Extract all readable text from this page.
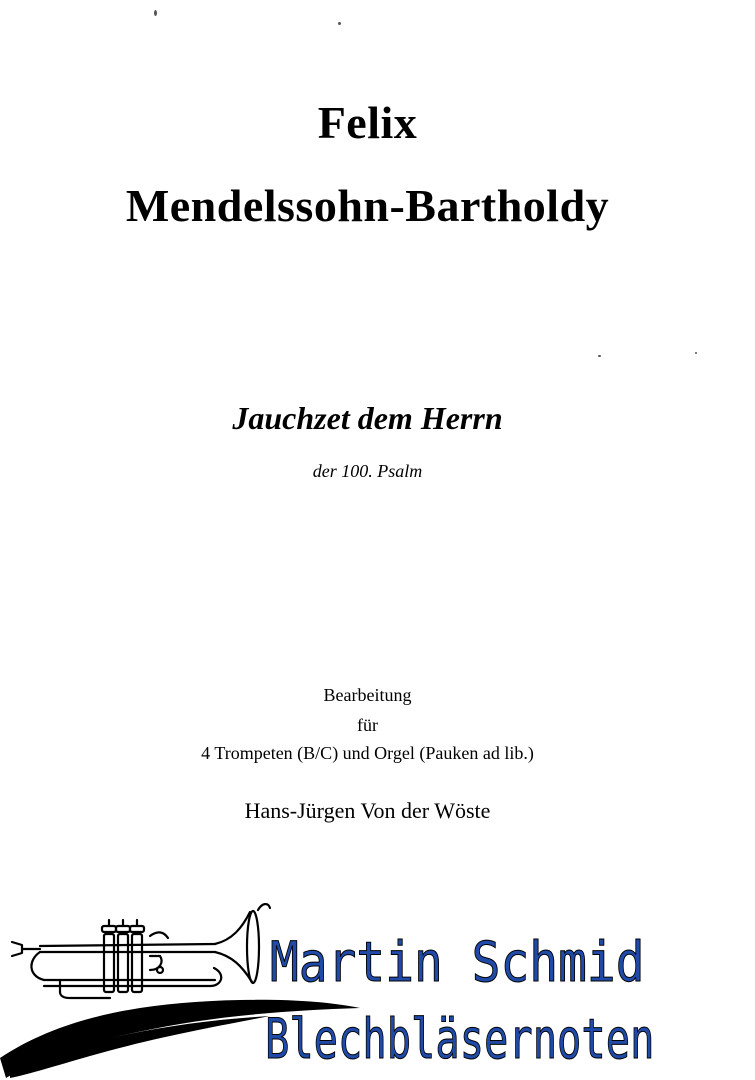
Felix
Mendelssohn-Bartholdy
Jauchzet dem Herrn
der 100. Psalm
Bearbeitung
für
4 Trompeten (B/C) und Orgel (Pauken ad lib.)
Hans-Jürgen Von der Wöste
Martin Schmid
Blechbläsernoten
